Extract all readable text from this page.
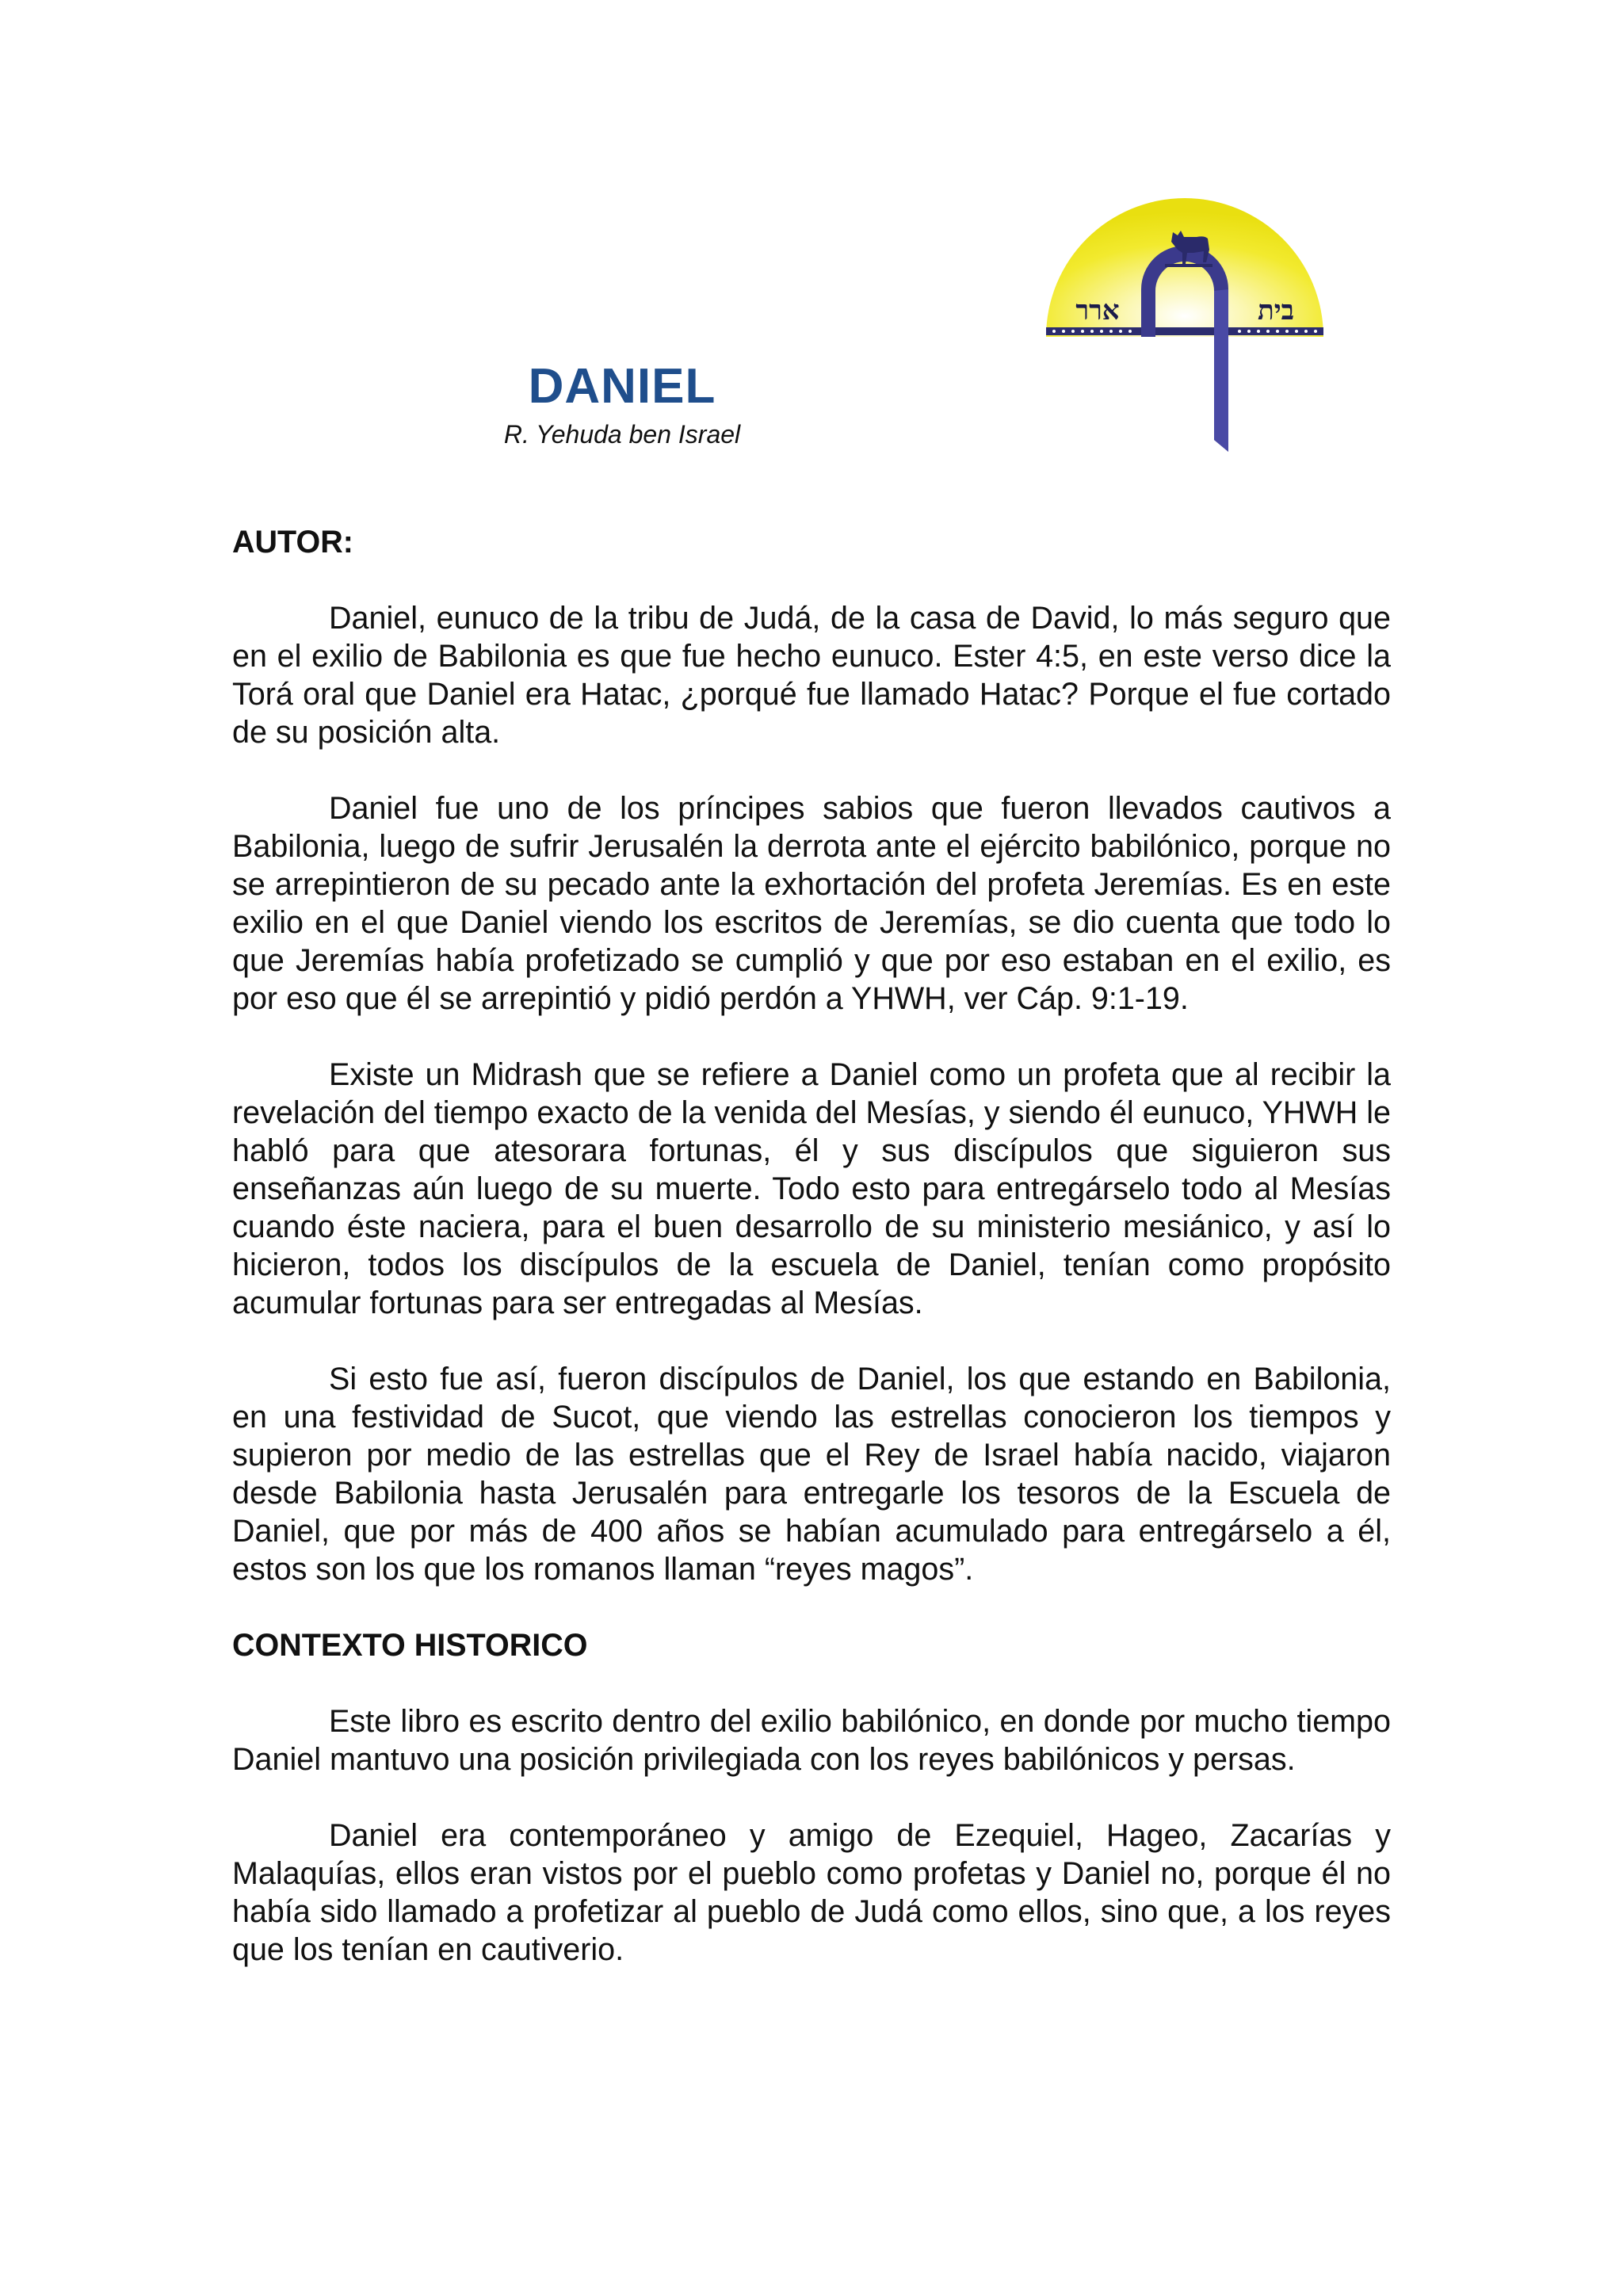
בית
ארר
DANIEL
R. Yehuda ben Israel
AUTOR:

Daniel, eunuco de la tribu de Judá, de la casa de David, lo más seguro que en el exilio de Babilonia es que fue hecho eunuco. Ester 4:5, en este verso dice la Torá oral que Daniel era Hatac, ¿porqué fue llamado Hatac? Porque el fue cortado de su posición alta.

Daniel fue uno de los príncipes sabios que fueron llevados cautivos a Babilonia, luego de sufrir Jerusalén la derrota ante el ejército babilónico, porque no se arrepintieron de su pecado ante la exhortación del profeta Jeremías. Es en este exilio en el que Daniel viendo los escritos de Jeremías, se dio cuenta que todo lo que Jeremías había profetizado se cumplió y que por eso estaban en el exilio, es por eso que él se arrepintió y pidió perdón a YHWH, ver Cáp. 9:1-19.

Existe un Midrash que se refiere a Daniel como un profeta que al recibir la revelación del tiempo exacto de la venida del Mesías, y siendo él eunuco, YHWH le habló para que atesorara fortunas, él y sus discípulos que siguieron sus enseñanzas aún luego de su muerte. Todo esto para entregárselo todo al Mesías cuando éste naciera, para el buen desarrollo de su ministerio mesiánico, y así lo hicieron, todos los discípulos de la escuela de Daniel, tenían como propósito acumular fortunas para ser entregadas al Mesías.

Si esto fue así, fueron discípulos de Daniel, los que estando en Babilonia, en una festividad de Sucot, que viendo las estrellas conocieron los tiempos y supieron por medio de las estrellas que el Rey de Israel había nacido, viajaron desde Babilonia hasta Jerusalén para entregarle los tesoros de la Escuela de Daniel, que por más de 400 años se habían acumulado para entregárselo a él, estos son los que los romanos llaman “reyes magos”.

CONTEXTO HISTORICO

Este libro es escrito dentro del exilio babilónico, en donde por mucho tiempo Daniel mantuvo una posición privilegiada con los reyes babilónicos y persas.

Daniel era contemporáneo y amigo de Ezequiel, Hageo, Zacarías y Malaquías, ellos eran vistos por el pueblo como profetas y Daniel no, porque él no había sido llamado a profetizar al pueblo de Judá como ellos, sino que, a los reyes que los tenían en cautiverio.
